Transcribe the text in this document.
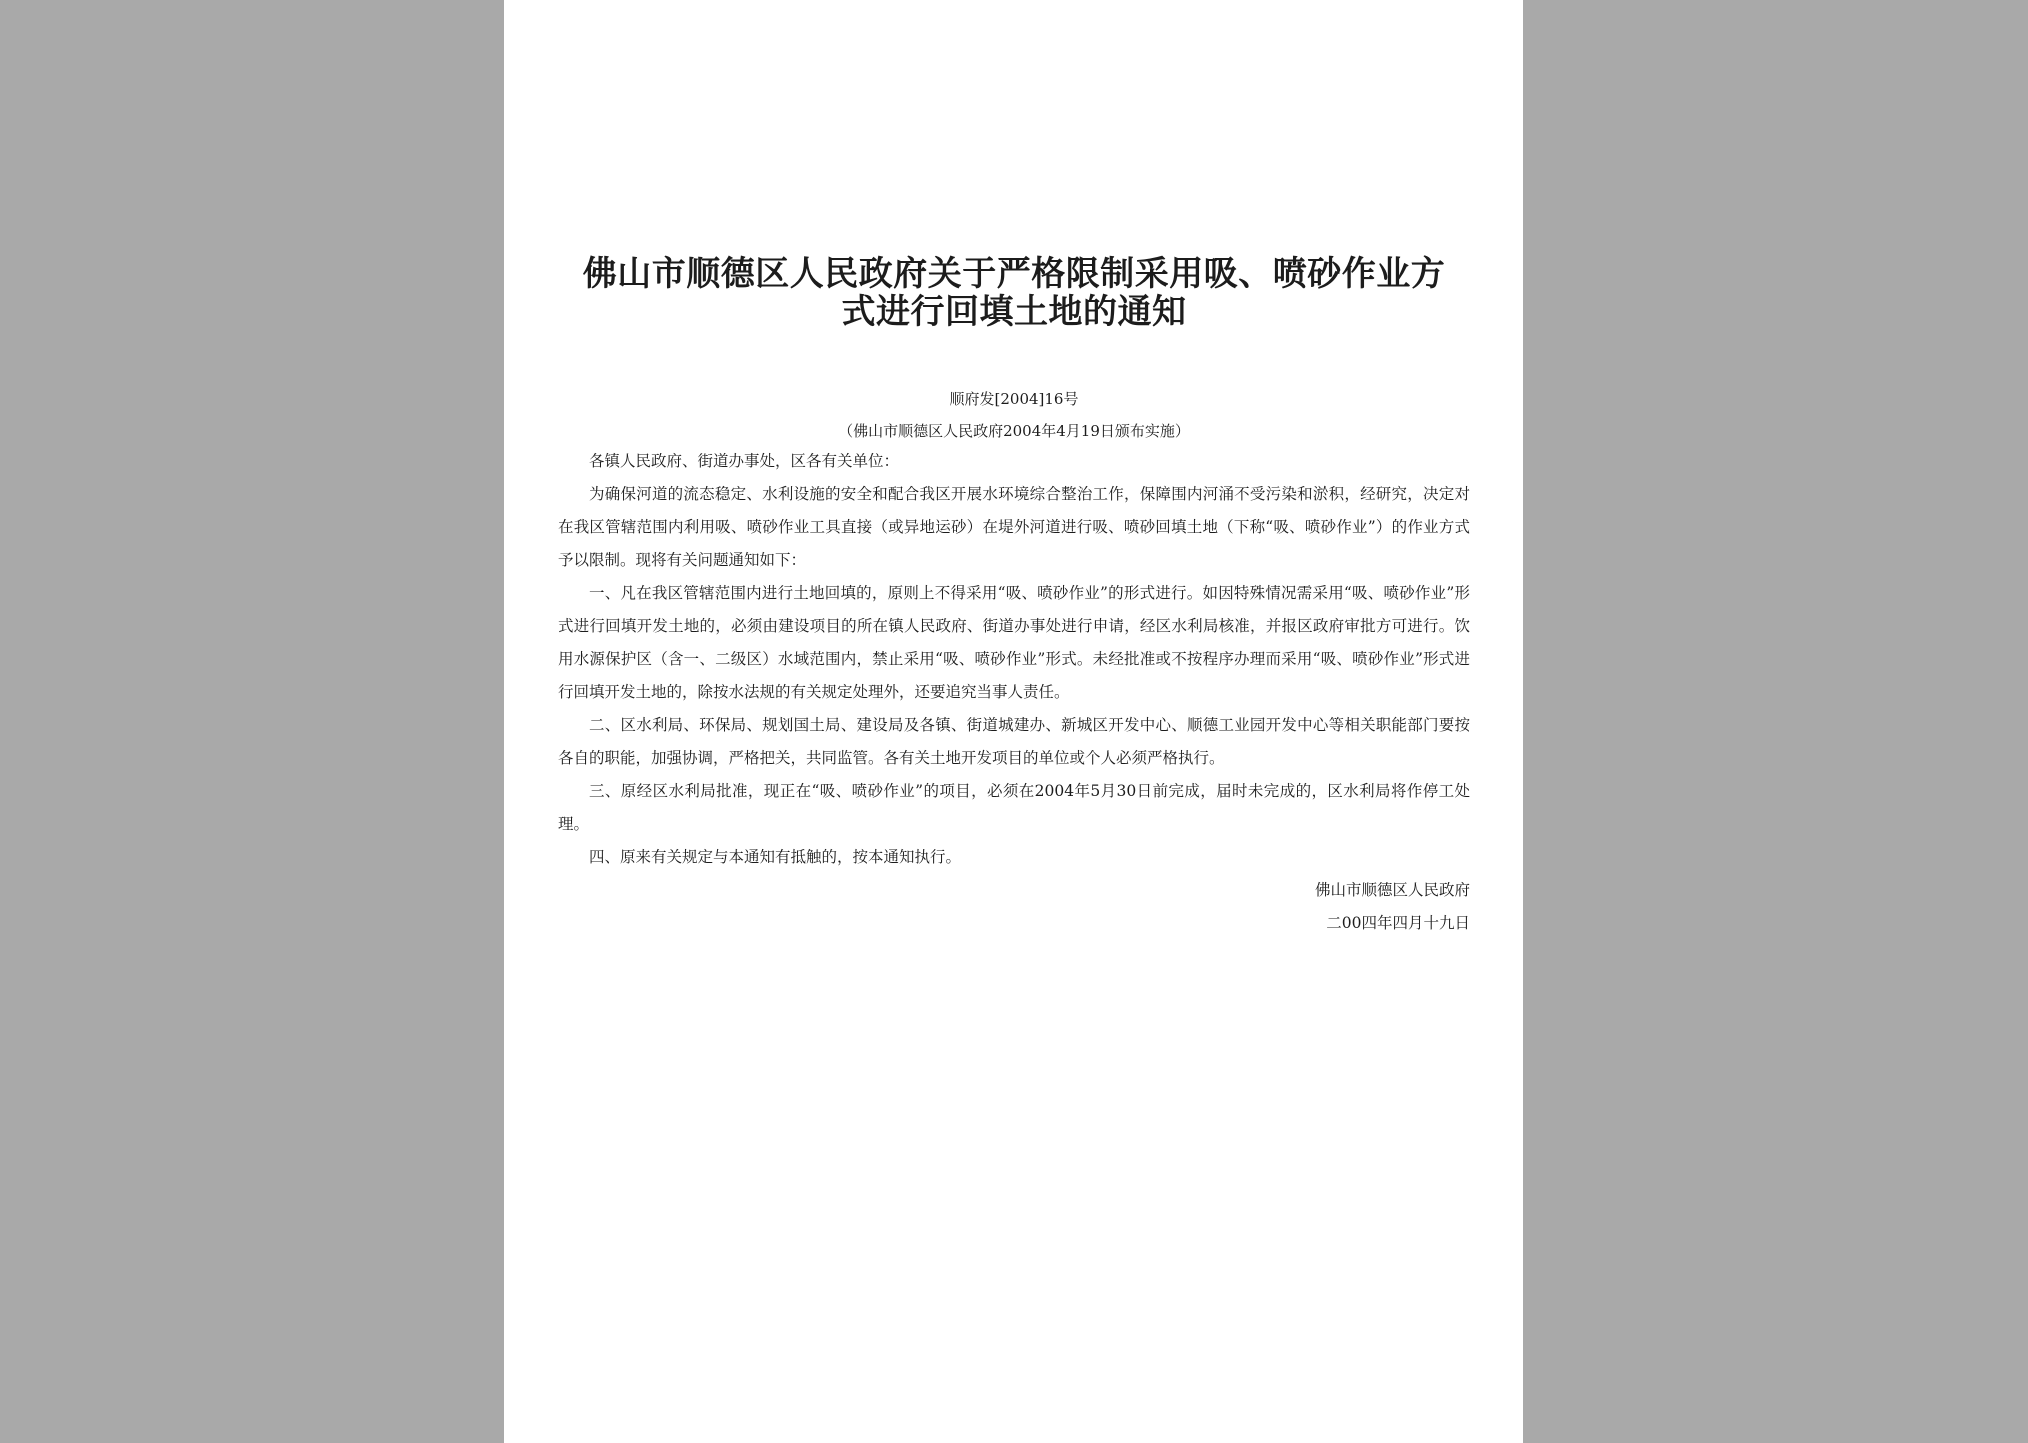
佛山市顺德区人民政府关于严格限制采用吸、喷砂作业方式进行回填土地的通知
顺府发[2004]16号
（佛山市顺德区人民政府2004年4月19日颁布实施）

各镇人民政府、街道办事处，区各有关单位：

为确保河道的流态稳定、水利设施的安全和配合我区开展水环境综合整治工作，保障围内河涌不受污染和淤积，经研究，决定对在我区管辖范围内利用吸、喷砂作业工具直接（或异地运砂）在堤外河道进行吸、喷砂回填土地（下称“吸、喷砂作业”）的作业方式予以限制。现将有关问题通知如下：

一、凡在我区管辖范围内进行土地回填的，原则上不得采用“吸、喷砂作业”的形式进行。如因特殊情况需采用“吸、喷砂作业”形式进行回填开发土地的，必须由建设项目的所在镇人民政府、街道办事处进行申请，经区水利局核准，并报区政府审批方可进行。饮用水源保护区（含一、二级区）水域范围内，禁止采用“吸、喷砂作业”形式。未经批准或不按程序办理而采用“吸、喷砂作业”形式进行回填开发土地的，除按水法规的有关规定处理外，还要追究当事人责任。

二、区水利局、环保局、规划国土局、建设局及各镇、街道城建办、新城区开发中心、顺德工业园开发中心等相关职能部门要按各自的职能，加强协调，严格把关，共同监管。各有关土地开发项目的单位或个人必须严格执行。

三、原经区水利局批准，现正在“吸、喷砂作业”的项目，必须在2004年5月30日前完成，届时未完成的，区水利局将作停工处理。

四、原来有关规定与本通知有抵触的，按本通知执行。

佛山市顺德区人民政府

二00四年四月十九日
